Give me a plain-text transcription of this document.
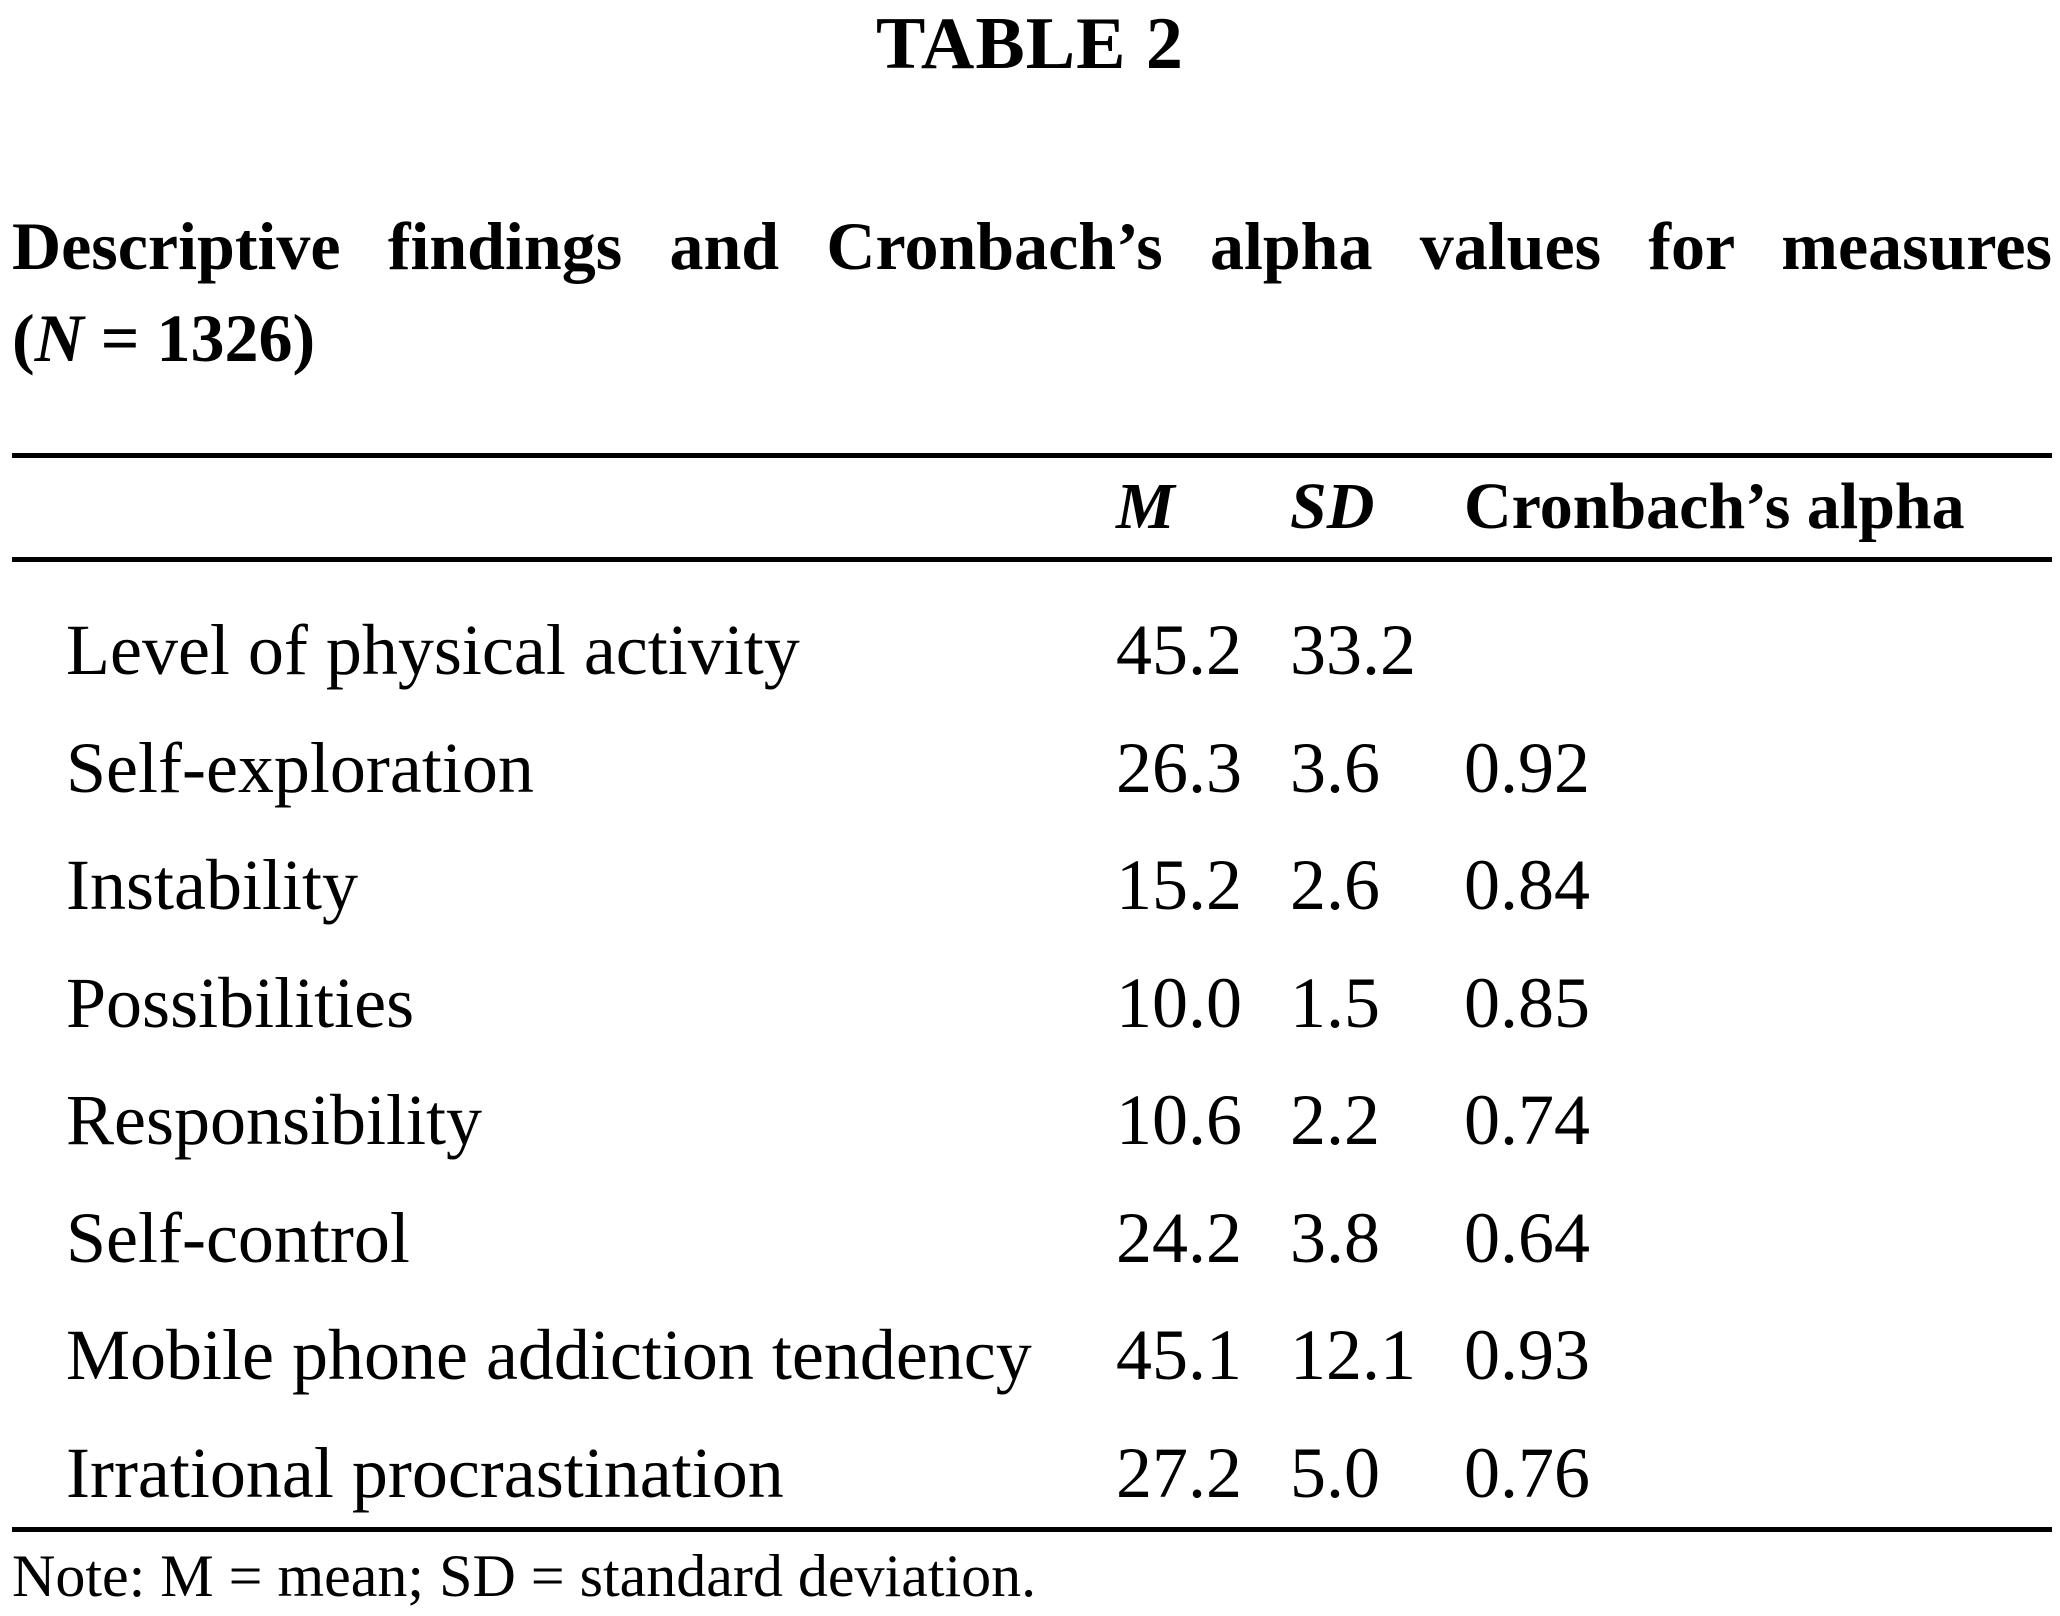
TABLE 2
Descriptive findings and Cronbach’s alpha values for measures
(N = 1326)
M SD Cronbach’s alpha
Level of physical activity	45.2 33.2
Self-exploration	26.3 3.6 0.92
Instability	15.2 2.6 0.84
Possibilities	10.0 1.5 0.85
Responsibility	10.6 2.2 0.74
Self-control	24.2 3.8 0.64
Mobile phone addiction tendency 45.1 12.1 0.93
Irrational procrastination	27.2 5.0 0.76
Note: M = mean; SD = standard deviation.
